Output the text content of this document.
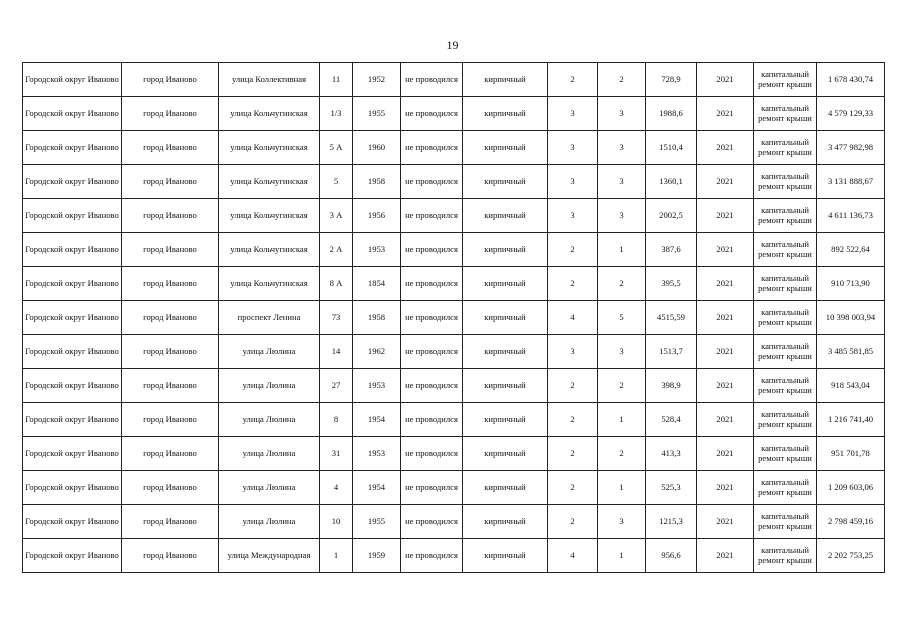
19
Городской округ Иваново	город Иваново	улица Коллективная	11	1952	не проводился	кирпичный	2	2	728,9	2021	капитальный ремонт крыши	1 678 430,74
Городской округ Иваново	город Иваново	улица Кольчугинская	1/3	1955	не проводился	кирпичный	3	3	1988,6	2021	капитальный ремонт крыши	4 579 129,33
Городской округ Иваново	город Иваново	улица Кольчугинская	5 А	1960	не проводился	кирпичный	3	3	1510,4	2021	капитальный ремонт крыши	3 477 982,98
Городской округ Иваново	город Иваново	улица Кольчугинская	5	1958	не проводился	кирпичный	3	3	1360,1	2021	капитальный ремонт крыши	3 131 888,67
Городской округ Иваново	город Иваново	улица Кольчугинская	3 А	1956	не проводился	кирпичный	3	3	2002,5	2021	капитальный ремонт крыши	4 611 136,73
Городской округ Иваново	город Иваново	улица Кольчугинская	2 А	1953	не проводился	кирпичный	2	1	387,6	2021	капитальный ремонт крыши	892 522,64
Городской округ Иваново	город Иваново	улица Кольчугинская	8 А	1854	не проводился	кирпичный	2	2	395,5	2021	капитальный ремонт крыши	910 713,90
Городской округ Иваново	город Иваново	проспект Ленина	73	1958	не проводился	кирпичный	4	5	4515,59	2021	капитальный ремонт крыши	10 398 003,94
Городской округ Иваново	город Иваново	улица Люлина	14	1962	не проводился	кирпичный	3	3	1513,7	2021	капитальный ремонт крыши	3 485 581,85
Городской округ Иваново	город Иваново	улица Люлина	27	1953	не проводился	кирпичный	2	2	398,9	2021	капитальный ремонт крыши	918 543,04
Городской округ Иваново	город Иваново	улица Люлина	8	1954	не проводился	кирпичный	2	1	528,4	2021	капитальный ремонт крыши	1 216 741,40
Городской округ Иваново	город Иваново	улица Люлина	31	1953	не проводился	кирпичный	2	2	413,3	2021	капитальный ремонт крыши	951 701,78
Городской округ Иваново	город Иваново	улица Люлина	4	1954	не проводился	кирпичный	2	1	525,3	2021	капитальный ремонт крыши	1 209 603,06
Городской округ Иваново	город Иваново	улица Люлина	10	1955	не проводился	кирпичный	2	3	1215,3	2021	капитальный ремонт крыши	2 798 459,16
Городской округ Иваново	город Иваново	улица Международная	1	1959	не проводился	кирпичный	4	1	956,6	2021	капитальный ремонт крыши	2 202 753,25
